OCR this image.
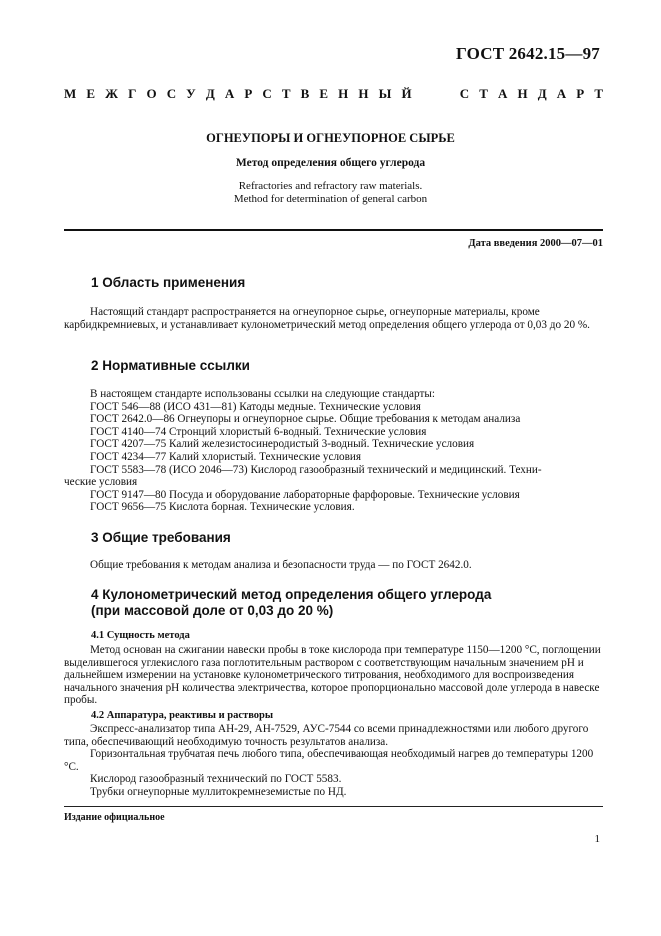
ГОСТ 2642.15—97
М Е Ж Г О С У Д А Р С Т В Е Н Н Ы Й	С Т А Н Д А Р Т
ОГНЕУПОРЫ И ОГНЕУПОРНОЕ СЫРЬЕ
Метод определения общего углерода
Refractories and refractory raw materials.
Method for determination of general carbon
Дата введения 2000—07—01
1 Область применения

Настоящий стандарт распространяется на огнеупорное сырье, огнеупорные материалы, кроме карбидкремниевых, и устанавливает кулонометрический метод определения общего углерода от 0,03 до 20 %.

2 Нормативные ссылки
В настоящем стандарте использованы ссылки на следующие стандарты:
ГОСТ 546—88 (ИСО 431—81) Катоды медные. Технические условия
ГОСТ 2642.0—86 Огнеупоры и огнеупорное сырье. Общие требования к методам анализа
ГОСТ 4140—74 Стронций хлористый 6-водный. Технические условия
ГОСТ 4207—75 Калий железистосинеродистый 3-водный. Технические условия
ГОСТ 4234—77 Калий хлористый. Технические условия
ГОСТ 5583—78 (ИСО 2046—73) Кислород газообразный технический и медицинский. Техни-
ческие условия
ГОСТ 9147—80 Посуда и оборудование лабораторные фарфоровые. Технические условия
ГОСТ 9656—75 Кислота борная. Технические условия.
3 Общие требования

Общие требования к методам анализа и безопасности труда — по ГОСТ 2642.0.

4 Кулонометрический метод определения общего углерода
(при массовой доле от 0,03 до 20 %)
4.1 Сущность метода

Метод основан на сжигании навески пробы в токе кислорода при температуре 1150—1200 °С, поглощении выделившегося углекислого газа поглотительным раствором с соответствующим начальным значением pH и дальнейшем измерении на установке кулонометрического титрования, необходимого для воспроизведения начального значения pH количества электричества, которое пропорционально массовой доле углерода в навеске пробы.

4.2 Аппаратура, реактивы и растворы

Экспресс-анализатор типа АН-29, АН-7529, АУС-7544 со всеми принадлежностями или любого другого типа, обеспечивающий необходимую точность результатов анализа.

Горизонтальная трубчатая печь любого типа, обеспечивающая необходимый нагрев до температуры 1200 °С.

Кислород газообразный технический по ГОСТ 5583.

Трубки огнеупорные муллитокремнеземистые по НД.

Издание официальное
1
